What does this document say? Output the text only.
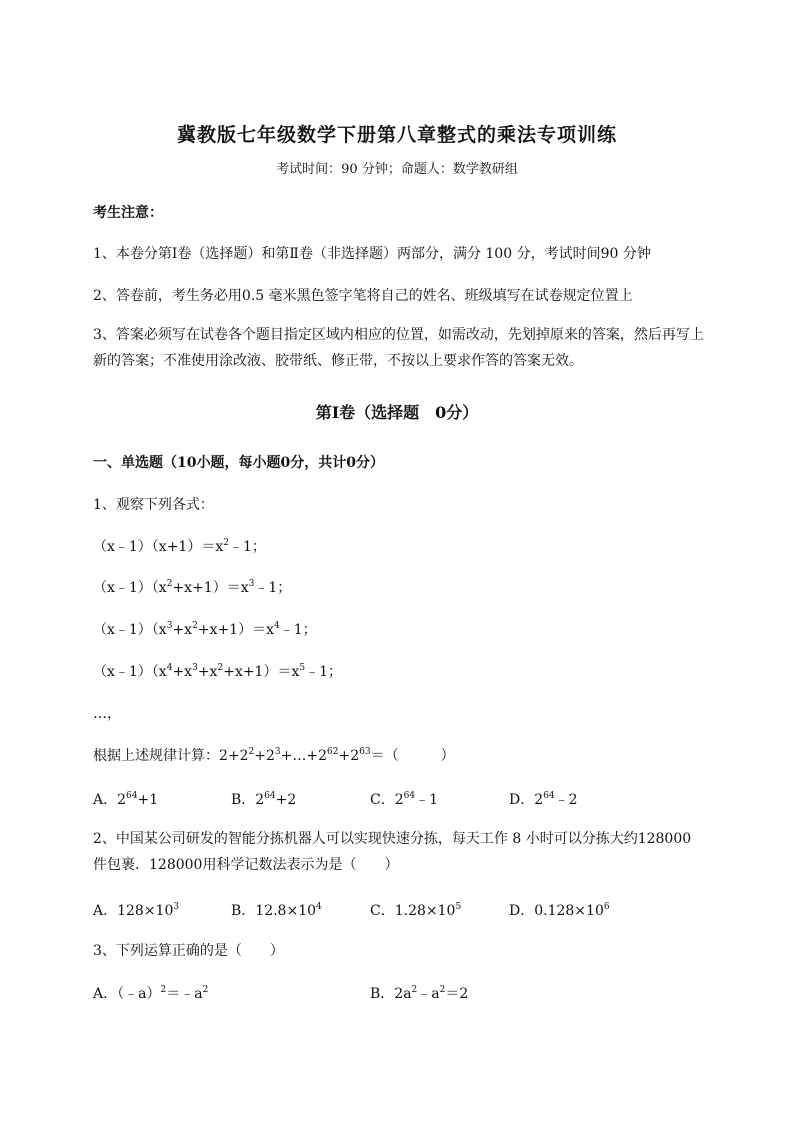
冀教版七年级数学下册第八章整式的乘法专项训练
考试时间：90 分钟；命题人：数学教研组
考生注意：
1、本卷分第Ⅰ卷（选择题）和第Ⅱ卷（非选择题）两部分，满分 100 分，考试时间90 分钟
2、答卷前，考生务必用0.5 毫米黑色签字笔将自己的姓名、班级填写在试卷规定位置上
3、答案必须写在试卷各个题目指定区域内相应的位置，如需改动，先划掉原来的答案，然后再写上新的答案；不准使用涂改液、胶带纸、修正带，不按以上要求作答的答案无效。
第Ⅰ卷（选择题　0分）
一、单选题（10小题，每小题0分，共计0分）
1、观察下列各式：
$(x﹣1)(x+1)=x^2﹣1$；
$(x﹣1)(x^2+x+1)=x^3﹣1$；
$(x﹣1)(x^3+x^2+x+1)=x^4﹣1$；
$(x﹣1)(x^4+x^3+x^2+x+1)=x^5﹣1$；
…，
根据上述规律计算：$2+2^2+2^3+\dots+2^{62}+2^{63}=$（　　　）
A．$2^{64}+1$	B．$2^{64}+2$	C．$2^{64}﹣1$	D．$2^{64}﹣2$
2、中国某公司研发的智能分拣机器人可以实现快速分拣，每天工作 8 小时可以分拣大约128000件包裹．128000用科学记数法表示为是（　　）
A．$128\times 10^3$	B．$12.8\times 10^4$	C．$1.28\times 10^5$	D．$0.128\times 10^6$
3、下列运算正确的是（　　）
A．$(﹣a)^2=﹣a^2$	B．$2a^2﹣a^2=2$
